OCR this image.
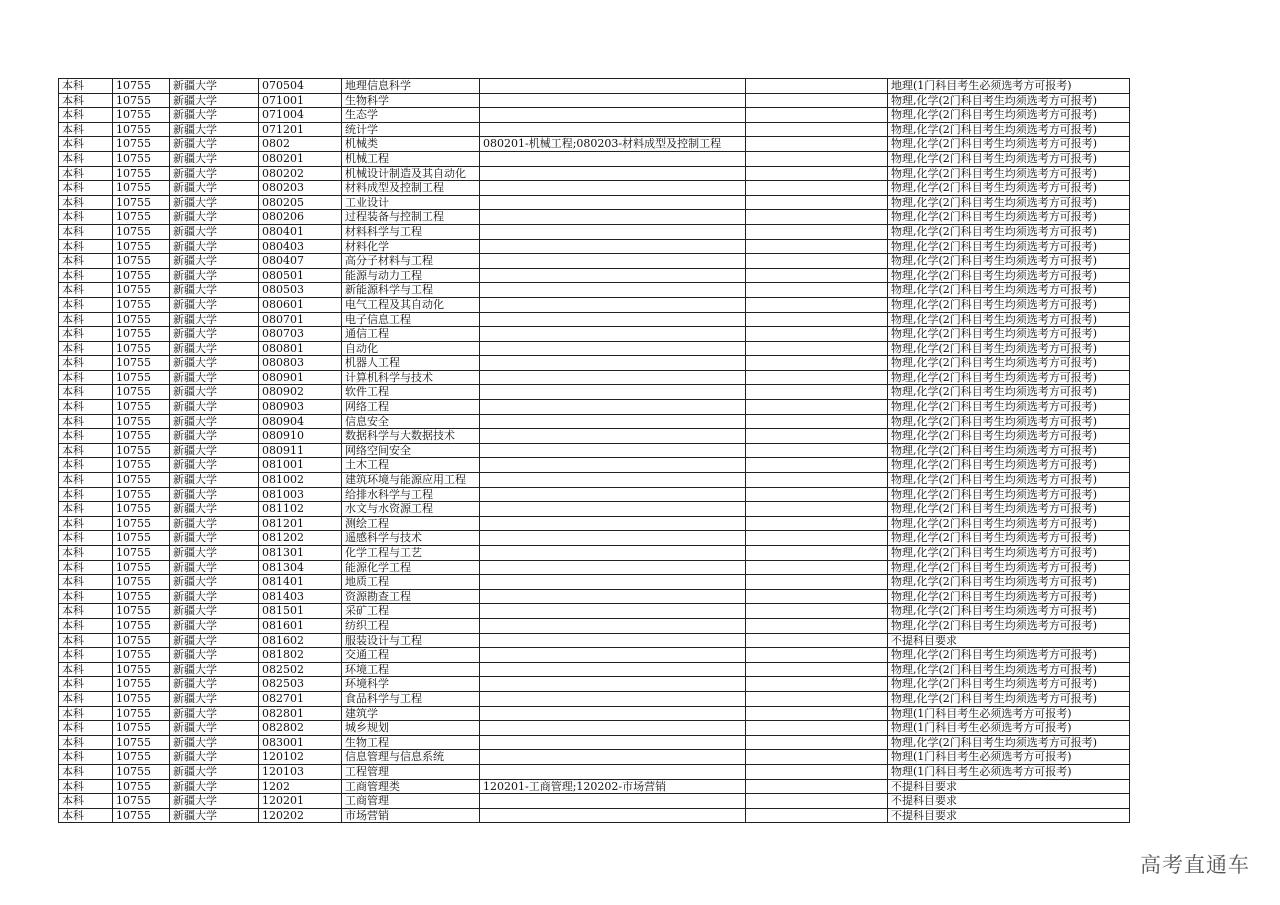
本科	10755	新疆大学	070504	地理信息科学			地理(1门科目考生必须选考方可报考)
本科	10755	新疆大学	071001	生物科学			物理,化学(2门科目考生均须选考方可报考)
本科	10755	新疆大学	071004	生态学			物理,化学(2门科目考生均须选考方可报考)
本科	10755	新疆大学	071201	统计学			物理,化学(2门科目考生均须选考方可报考)
本科	10755	新疆大学	0802	机械类	080201-机械工程;080203-材料成型及控制工程		物理,化学(2门科目考生均须选考方可报考)
本科	10755	新疆大学	080201	机械工程			物理,化学(2门科目考生均须选考方可报考)
本科	10755	新疆大学	080202	机械设计制造及其自动化			物理,化学(2门科目考生均须选考方可报考)
本科	10755	新疆大学	080203	材料成型及控制工程			物理,化学(2门科目考生均须选考方可报考)
本科	10755	新疆大学	080205	工业设计			物理,化学(2门科目考生均须选考方可报考)
本科	10755	新疆大学	080206	过程装备与控制工程			物理,化学(2门科目考生均须选考方可报考)
本科	10755	新疆大学	080401	材料科学与工程			物理,化学(2门科目考生均须选考方可报考)
本科	10755	新疆大学	080403	材料化学			物理,化学(2门科目考生均须选考方可报考)
本科	10755	新疆大学	080407	高分子材料与工程			物理,化学(2门科目考生均须选考方可报考)
本科	10755	新疆大学	080501	能源与动力工程			物理,化学(2门科目考生均须选考方可报考)
本科	10755	新疆大学	080503	新能源科学与工程			物理,化学(2门科目考生均须选考方可报考)
本科	10755	新疆大学	080601	电气工程及其自动化			物理,化学(2门科目考生均须选考方可报考)
本科	10755	新疆大学	080701	电子信息工程			物理,化学(2门科目考生均须选考方可报考)
本科	10755	新疆大学	080703	通信工程			物理,化学(2门科目考生均须选考方可报考)
本科	10755	新疆大学	080801	自动化			物理,化学(2门科目考生均须选考方可报考)
本科	10755	新疆大学	080803	机器人工程			物理,化学(2门科目考生均须选考方可报考)
本科	10755	新疆大学	080901	计算机科学与技术			物理,化学(2门科目考生均须选考方可报考)
本科	10755	新疆大学	080902	软件工程			物理,化学(2门科目考生均须选考方可报考)
本科	10755	新疆大学	080903	网络工程			物理,化学(2门科目考生均须选考方可报考)
本科	10755	新疆大学	080904	信息安全			物理,化学(2门科目考生均须选考方可报考)
本科	10755	新疆大学	080910	数据科学与大数据技术			物理,化学(2门科目考生均须选考方可报考)
本科	10755	新疆大学	080911	网络空间安全			物理,化学(2门科目考生均须选考方可报考)
本科	10755	新疆大学	081001	土木工程			物理,化学(2门科目考生均须选考方可报考)
本科	10755	新疆大学	081002	建筑环境与能源应用工程			物理,化学(2门科目考生均须选考方可报考)
本科	10755	新疆大学	081003	给排水科学与工程			物理,化学(2门科目考生均须选考方可报考)
本科	10755	新疆大学	081102	水文与水资源工程			物理,化学(2门科目考生均须选考方可报考)
本科	10755	新疆大学	081201	测绘工程			物理,化学(2门科目考生均须选考方可报考)
本科	10755	新疆大学	081202	遥感科学与技术			物理,化学(2门科目考生均须选考方可报考)
本科	10755	新疆大学	081301	化学工程与工艺			物理,化学(2门科目考生均须选考方可报考)
本科	10755	新疆大学	081304	能源化学工程			物理,化学(2门科目考生均须选考方可报考)
本科	10755	新疆大学	081401	地质工程			物理,化学(2门科目考生均须选考方可报考)
本科	10755	新疆大学	081403	资源勘查工程			物理,化学(2门科目考生均须选考方可报考)
本科	10755	新疆大学	081501	采矿工程			物理,化学(2门科目考生均须选考方可报考)
本科	10755	新疆大学	081601	纺织工程			物理,化学(2门科目考生均须选考方可报考)
本科	10755	新疆大学	081602	服装设计与工程			不提科目要求
本科	10755	新疆大学	081802	交通工程			物理,化学(2门科目考生均须选考方可报考)
本科	10755	新疆大学	082502	环境工程			物理,化学(2门科目考生均须选考方可报考)
本科	10755	新疆大学	082503	环境科学			物理,化学(2门科目考生均须选考方可报考)
本科	10755	新疆大学	082701	食品科学与工程			物理,化学(2门科目考生均须选考方可报考)
本科	10755	新疆大学	082801	建筑学			物理(1门科目考生必须选考方可报考)
本科	10755	新疆大学	082802	城乡规划			物理(1门科目考生必须选考方可报考)
本科	10755	新疆大学	083001	生物工程			物理,化学(2门科目考生均须选考方可报考)
本科	10755	新疆大学	120102	信息管理与信息系统			物理(1门科目考生必须选考方可报考)
本科	10755	新疆大学	120103	工程管理			物理(1门科目考生必须选考方可报考)
本科	10755	新疆大学	1202	工商管理类	120201-工商管理;120202-市场营销		不提科目要求
本科	10755	新疆大学	120201	工商管理			不提科目要求
本科	10755	新疆大学	120202	市场营销			不提科目要求
高考直通车
